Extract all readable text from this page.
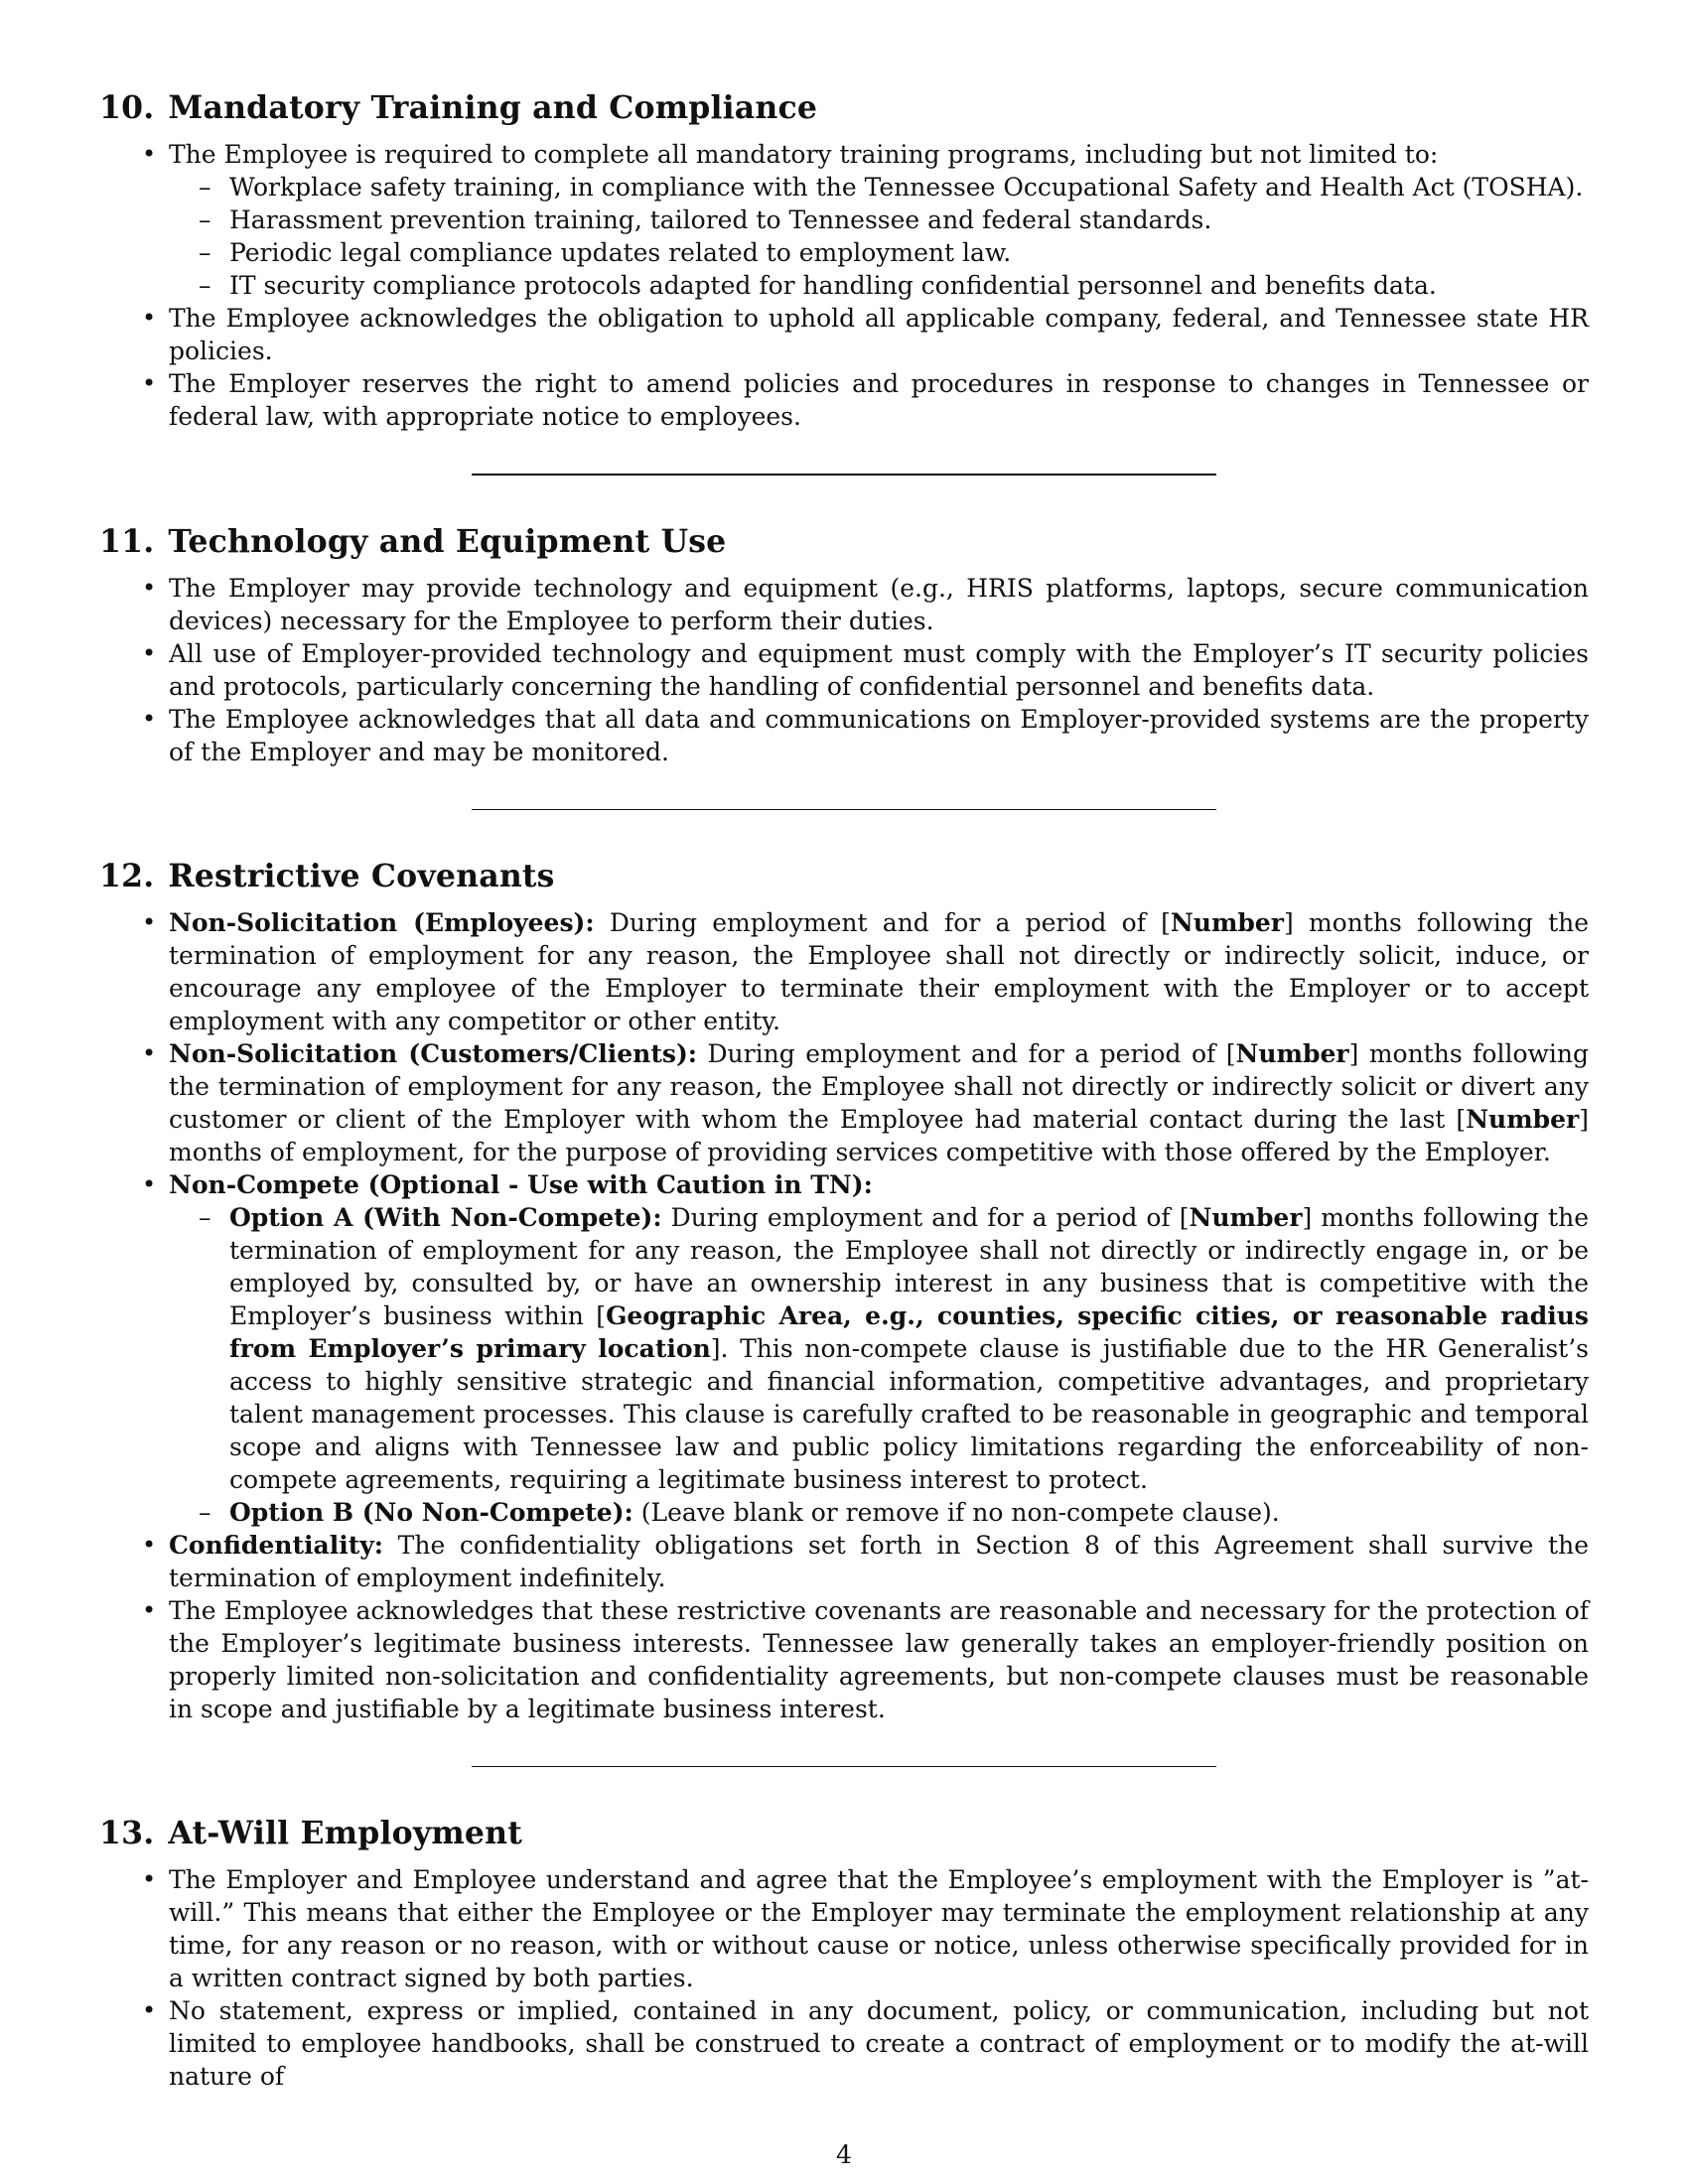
10. Mandatory Training and Compliance
• The Employee is required to complete all mandatory training programs, including but not limited to:
– Workplace safety training, in compliance with the Tennessee Occupational Safety and Health Act (TOSHA).
– Harassment prevention training, tailored to Tennessee and federal standards.
– Periodic legal compliance updates related to employment law.
– IT security compliance protocols adapted for handling confidential personnel and benefits data.
• The Employee acknowledges the obligation to uphold all applicable company, federal, and Tennessee state HR policies.
• The Employer reserves the right to amend policies and procedures in response to changes in Tennessee or federal law, with appropriate notice to employees.
11. Technology and Equipment Use
• The Employer may provide technology and equipment (e.g., HRIS platforms, laptops, secure communication devices) necessary for the Employee to perform their duties.
• All use of Employer-provided technology and equipment must comply with the Employer’s IT security policies and protocols, particularly concerning the handling of confidential personnel and benefits data.
• The Employee acknowledges that all data and communications on Employer-provided systems are the property of the Employer and may be monitored.
12. Restrictive Covenants
• Non-Solicitation (Employees): During employment and for a period of [Number] months following the termination of employment for any reason, the Employee shall not directly or indirectly solicit, induce, or encourage any employee of the Employer to terminate their employment with the Employer or to accept employment with any competitor or other entity.
• Non-Solicitation (Customers/Clients): During employment and for a period of [Number] months following the termination of employment for any reason, the Employee shall not directly or indirectly solicit or divert any customer or client of the Employer with whom the Employee had material contact during the last [Number] months of employment, for the purpose of providing services competitive with those offered by the Employer.
• Non-Compete (Optional - Use with Caution in TN):
– Option A (With Non-Compete): During employment and for a period of [Number] months following the termination of employment for any reason, the Employee shall not directly or indirectly engage in, or be employed by, consulted by, or have an ownership interest in any business that is competitive with the Employer’s business within [Geographic Area, e.g., counties, specific cities, or reasonable radius from Employer’s primary location]. This non-compete clause is justifiable due to the HR Generalist’s access to highly sensitive strategic and financial information, competitive advantages, and proprietary talent management processes. This clause is carefully crafted to be reasonable in geographic and temporal scope and aligns with Tennessee law and public policy limitations regarding the enforceability of non-compete agreements, requiring a legitimate business interest to protect.
– Option B (No Non-Compete): (Leave blank or remove if no non-compete clause).
• Confidentiality: The confidentiality obligations set forth in Section 8 of this Agreement shall survive the termination of employment indefinitely.
• The Employee acknowledges that these restrictive covenants are reasonable and necessary for the protection of the Employer’s legitimate business interests. Tennessee law generally takes an employer-friendly position on properly limited non-solicitation and confidentiality agreements, but non-compete clauses must be reasonable in scope and justifiable by a legitimate business interest.
13. At-Will Employment
• The Employer and Employee understand and agree that the Employee’s employment with the Employer is ”at-will.” This means that either the Employee or the Employer may terminate the employment relationship at any time, for any reason or no reason, with or without cause or notice, unless otherwise specifically provided for in a written contract signed by both parties.
• No statement, express or implied, contained in any document, policy, or communication, including but not limited to employee handbooks, shall be construed to create a contract of employment or to modify the at-will nature of
4
